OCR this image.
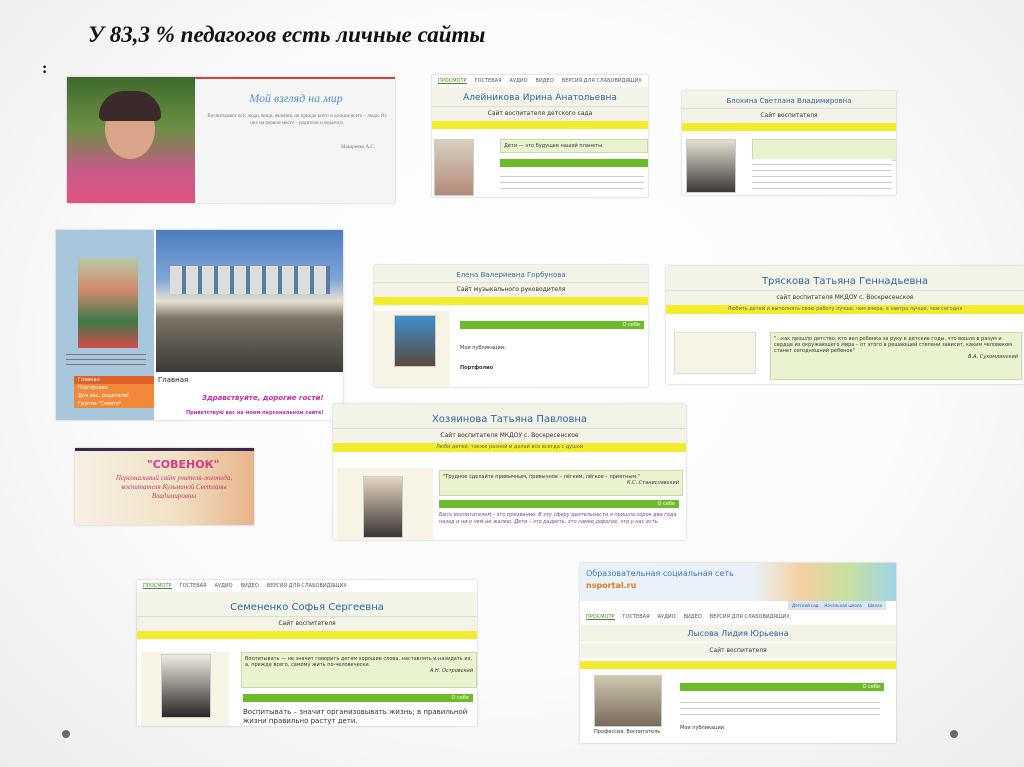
У 83,3 % педагогов есть личные сайты
:
Мой взгляд на мир
Воспитывают всё: люди, вещи, явления, но прежде всего и дольше всего – люди. Из них на первом месте – родители и педагоги.
Макаренко А.С.
ПРОСМОТР ГОСТЕВАЯ АУДИО ВИДЕО ВЕРСИЯ ДЛЯ СЛАБОВИДЯЩИХ
Алейникова Ирина Анатольевна
Сайт воспитателя детского сада
Дети — это будущее нашей планеты.
Блохина Светлана Владимировна
Сайт воспитателя
Главная
Портфолио
Для вас, родители!
Группа "Совята"
Главная
Здравствуйте, дорогие гости!
Приветствую вас на моем персональном сайте!
Елена Валериевна Горбунова
Сайт музыкального руководителя
О себе
Мои публикации:
Портфолио
Тряскова Татьяна Геннадьевна
сайт воспитателя МКДОУ с. Воскресенское
Любить детей и выполнять свою работу лучше, чем вчера, а завтра лучше, чем сегодня
"...как прошло детство, кто вел ребенка за руку в детские годы, что вошло в разум и сердце из окружающего мира – от этого в решающей степени зависит, каким человеком станет сегодняшний ребенок"
В.А. Сухомлинский
Хозяинова Татьяна Павловна
Сайт воспитателя МКДОУ с. Воскресенское
Люби детей, также разной и делай все всегда с душой
"Трудное сделайте привычным, привычное – лёгким, лёгкое – приятным."
К.С. Станиславский
О себе
Быть воспитателем – это призвание. В эту сферу деятельности я пришла сорок два года назад и ни о чем не жалею. Дети – это радость, это самое дорогое, что у нас есть.
"СОВЕНОК"
Персональный сайт учителя-логопеда, воспитателя Кузьминой Светланы Владимировны
ПРОСМОТР ГОСТЕВАЯ АУДИО ВИДЕО ВЕРСИЯ ДЛЯ СЛАБОВИДЯЩИХ
Семененко Софья Сергеевна
Сайт воспитателя
Воспитывать — не значит говорить детям хорошие слова, наставлять и назидать их, а, прежде всего, самому жить по-человечески.
А.Н. Островский
О себе
Воспитывать – значит организовывать жизнь; в правильной жизни правильно растут дети.
Образовательная социальная сеть
nsportal.ru
Детский сад Начальная школа Школа
ПРОСМОТР ГОСТЕВАЯ АУДИО ВИДЕО ВЕРСИЯ ДЛЯ СЛАБОВИДЯЩИХ
Лысова Лидия Юрьевна
Сайт воспитателя
Профессия: Воспитатель
О себе
Мои публикации.
